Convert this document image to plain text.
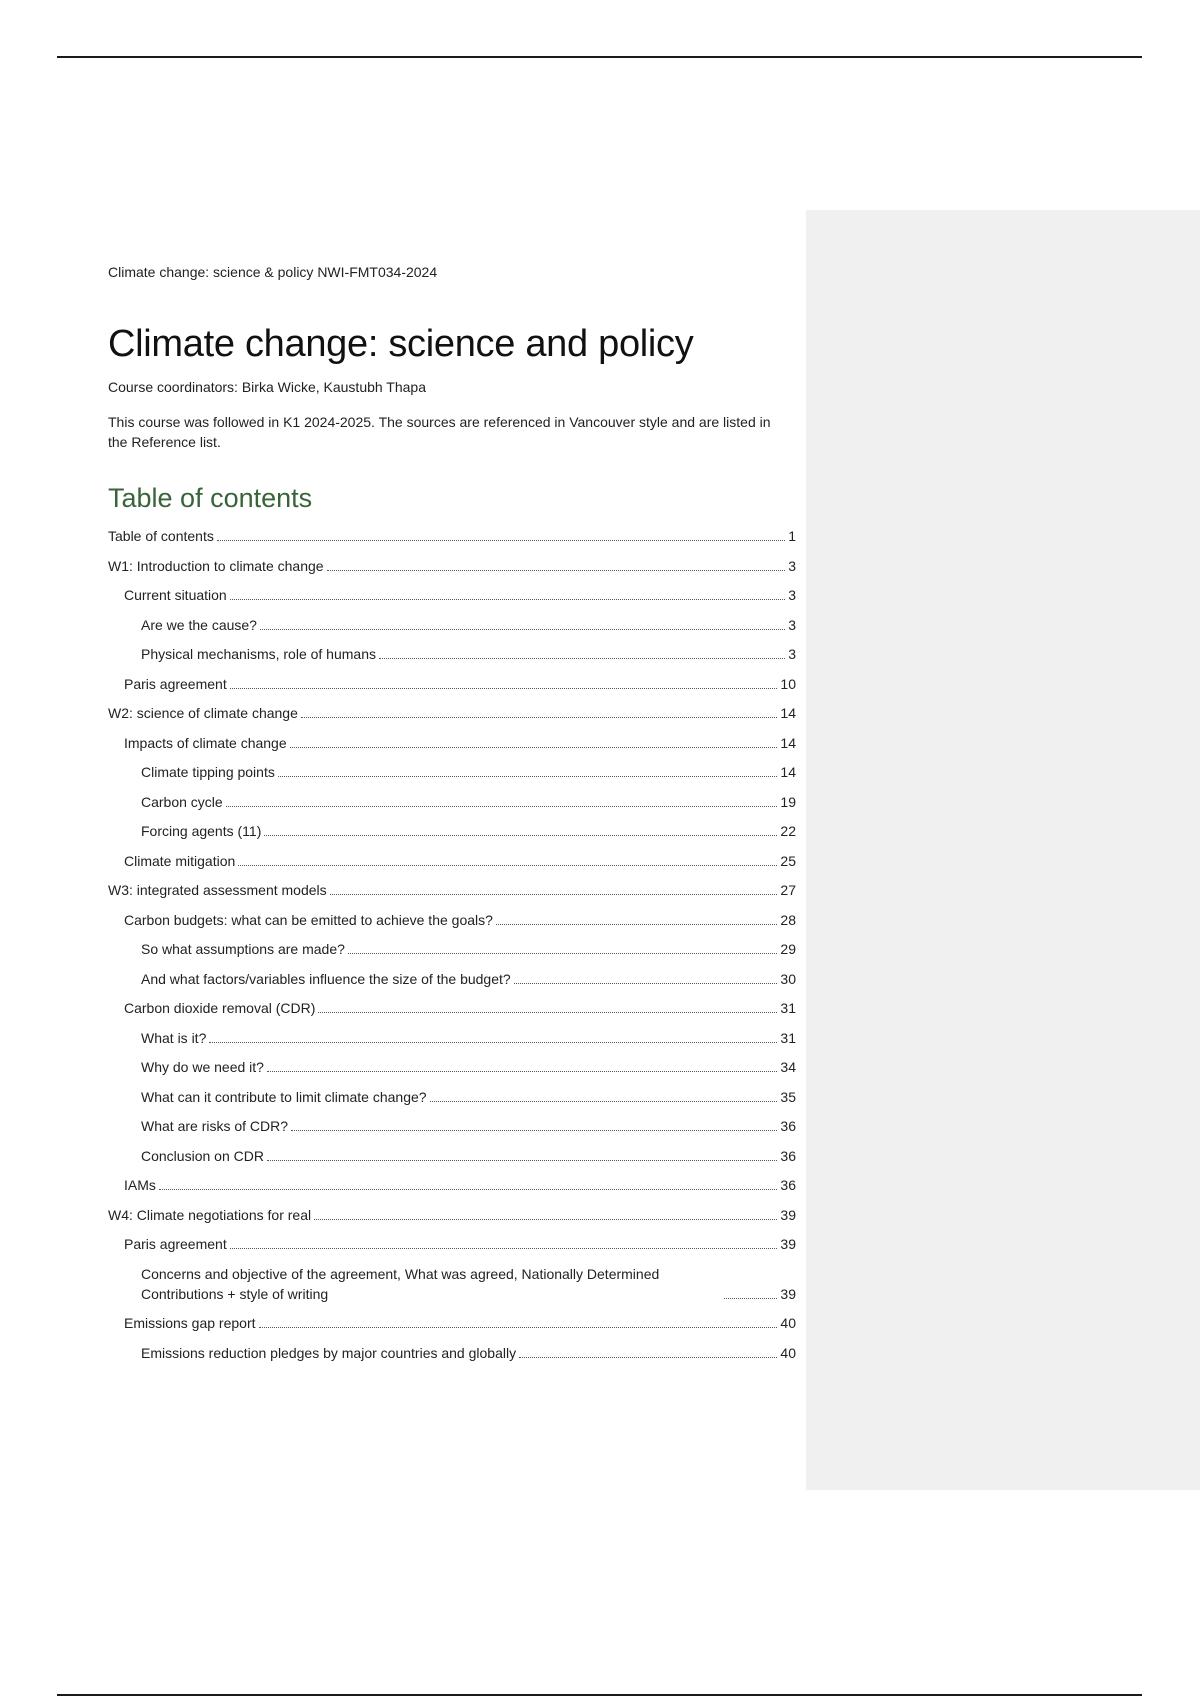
Climate change: science & policy NWI-FMT034-2024

Climate change: science and policy

Course coordinators: Birka Wicke, Kaustubh Thapa

This course was followed in K1 2024-2025. The sources are referenced in Vancouver style and are listed in the Reference list.

Table of contents
Table of contents	1
W1: Introduction to climate change	3
Current situation	3
Are we the cause?	3
Physical mechanisms, role of humans	3
Paris agreement	10
W2: science of climate change	14
Impacts of climate change	14
Climate tipping points	14
Carbon cycle	19
Forcing agents (11)	22
Climate mitigation	25
W3: integrated assessment models	27
Carbon budgets: what can be emitted to achieve the goals?	28
So what assumptions are made?	29
And what factors/variables influence the size of the budget?	30
Carbon dioxide removal (CDR)	31
What is it?	31
Why do we need it?	34
What can it contribute to limit climate change?	35
What are risks of CDR?	36
Conclusion on CDR	36
IAMs	36
W4: Climate negotiations for real	39
Paris agreement	39
Concerns and objective of the agreement, What was agreed, Nationally Determined Contributions + style of writing	39
Emissions gap report	40
Emissions reduction pledges by major countries and globally	40
